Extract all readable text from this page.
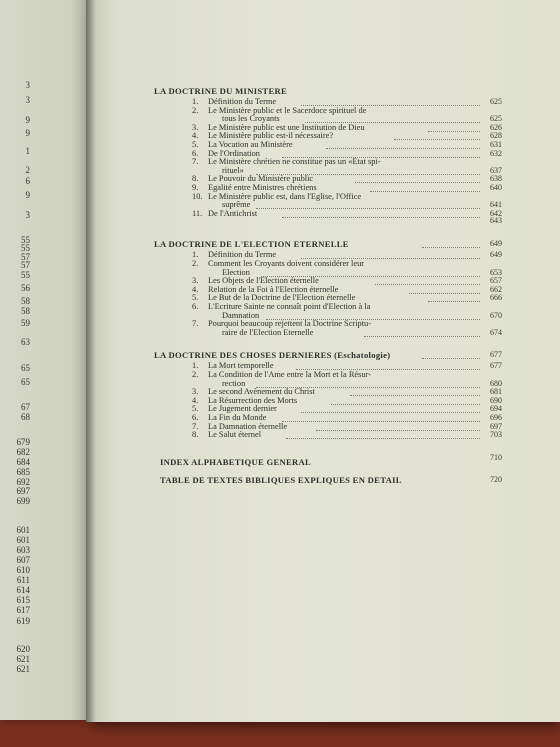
3
3
9
9
1
2
6
9
3
55
55
57
57
55
56
58
58
59
63
65
65
67
68
679
682
684
685
692
697
699
601
601
603
607
610
611
614
615
617
619
620
621
621
LA DOCTRINE DU MINISTERE
1. Définition du Terme	625
2. Le Ministère public et le Sacerdoce spirituel de
tous les Croyants	625
3. Le Ministère public est une Institution de Dieu	626
4. Le Ministère public est-il nécessaire?	628
5. La Vocation au Ministère	631
6. De l'Ordination	632
7. Le Ministère chrétien ne constitue pas un «Etat spi-
rituel»	637
8. Le Pouvoir du Ministère public	638
9. Egalité entre Ministres chrétiens	640
10. Le Ministère public est, dans l'Eglise, l'Office
suprême	641
11. De l'Antichrist	642
643
LA DOCTRINE DE L'ELECTION ETERNELLE	649
1. Définition du Terme	649
2. Comment les Croyants doivent considérer leur
Election	653
3. Les Objets de l'Election éternelle	657
4. Relation de la Foi à l'Election éternelle	662
5. Le But de la Doctrine de l'Election éternelle	666
6. L'Ecriture Sainte ne connaît point d'Election à la
Damnation	670
7. Pourquoi beaucoup rejettent la Doctrine Scriptu-
raire de l'Election Eternelle	674
LA DOCTRINE DES CHOSES DERNIERES (Eschatologie)	677
1. La Mort temporelle	677
2. La Condition de l'Ame entre la Mort et la Résur-
rection	680
3. Le second Avènement du Christ	681
4. La Résurrection des Morts	690
5. Le Jugement dernier	694
6. La Fin du Monde	696
7. La Damnation éternelle	697
8. Le Salut éternel	703
INDEX ALPHABETIQUE GENERAL	710
TABLE DE TEXTES BIBLIQUES EXPLIQUES EN DETAIL	720
